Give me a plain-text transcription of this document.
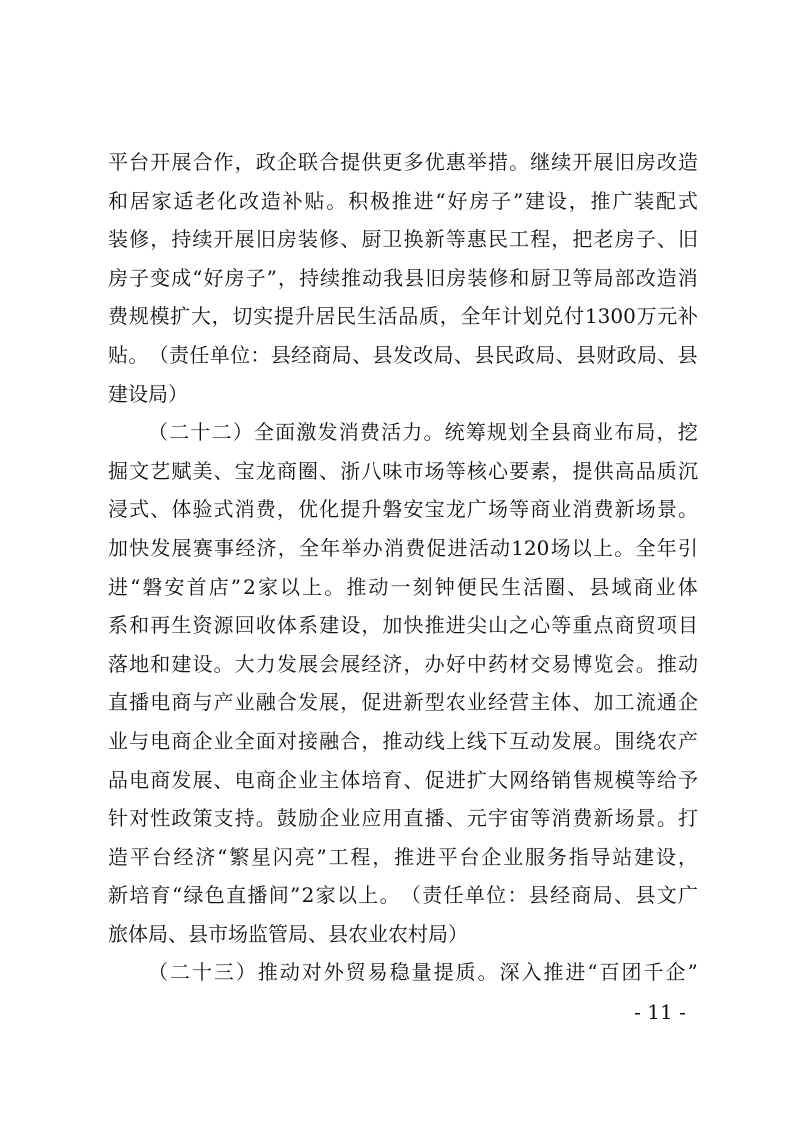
平 台 开 展 合 作 ， 政 企 联 合 提 供 更 多 优 惠 举 措 。 继 续 开 展 旧 房 改 造
和 居 家 适 老 化 改 造 补 贴 。 积 极 推 进 “ 好 房 子 ” 建 设 ， 推 广 装 配 式
装 修 ， 持 续 开 展 旧 房 装 修 、 厨 卫 换 新 等 惠 民 工 程 ， 把 老 房 子 、 旧
房 子 变 成 “ 好 房 子 ” ， 持 续 推 动 我 县 旧 房 装 修 和 厨 卫 等 局 部 改 造 消
费 规 模 扩 大 ， 切 实 提 升 居 民 生 活 品 质 ， 全 年 计 划 兑 付 1300 万 元 补
贴 。 （ 责 任 单 位 ： 县 经 商 局 、 县 发 改 局 、 县 民 政 局 、 县 财 政 局 、 县
建设局）
（ 二 十 二 ） 全 面 激 发 消 费 活 力 。 统 筹 规 划 全 县 商 业 布 局 ， 挖
掘 文 艺 赋 美 、 宝 龙 商 圈 、 浙 八 味 市 场 等 核 心 要 素 ， 提 供 高 品 质 沉
浸 式 、 体 验 式 消 费 ， 优 化 提 升 磐 安 宝 龙 广 场 等 商 业 消 费 新 场 景 。
加 快 发 展 赛 事 经 济 ， 全 年 举 办 消 费 促 进 活 动 120 场 以 上 。 全 年 引
进 “ 磐 安 首 店 ” 2 家 以 上 。 推 动 一 刻 钟 便 民 生 活 圈 、 县 域 商 业 体
系 和 再 生 资 源 回 收 体 系 建 设 ， 加 快 推 进 尖 山 之 心 等 重 点 商 贸 项 目
落 地 和 建 设 。 大 力 发 展 会 展 经 济 ， 办 好 中 药 材 交 易 博 览 会 。 推 动
直 播 电 商 与 产 业 融 合 发 展 ， 促 进 新 型 农 业 经 营 主 体 、 加 工 流 通 企
业 与 电 商 企 业 全 面 对 接 融 合 ， 推 动 线 上 线 下 互 动 发 展 。 围 绕 农 产
品 电 商 发 展 、 电 商 企 业 主 体 培 育 、 促 进 扩 大 网 络 销 售 规 模 等 给 予
针 对 性 政 策 支 持 。 鼓 励 企 业 应 用 直 播 、 元 宇 宙 等 消 费 新 场 景 。 打
造 平 台 经 济 “ 繁 星 闪 亮 ” 工 程 ， 推 进 平 台 企 业 服 务 指 导 站 建 设 ，
新 培 育 “ 绿 色 直 播 间 ” 2 家 以 上 。 （ 责 任 单 位 ： 县 经 商 局 、 县 文 广
旅体局、县市场监管局、县农业农村局）
（ 二 十 三 ） 推 动 对 外 贸 易 稳 量 提 质 。 深 入 推 进 “ 百 团 千 企 ”
- 11 -
